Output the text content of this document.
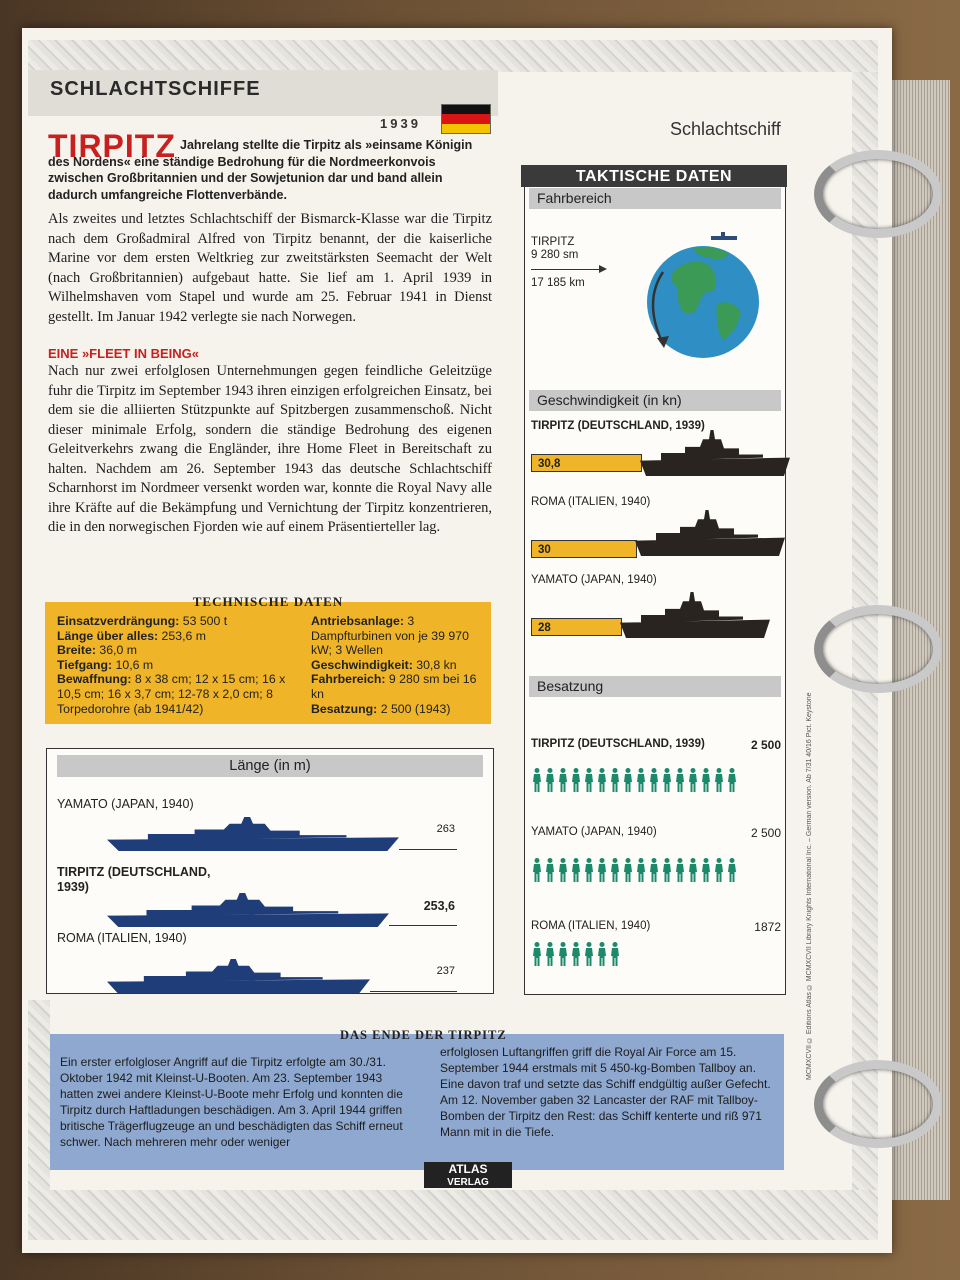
SCHLACHTSCHIFFE
1939	Schlachtschiff
TIRPITZ Jahrelang stellte die Tirpitz als »einsame Königin des Nordens« eine ständige Bedrohung für die Nordmeerkonvois zwischen Großbritannien und der Sowjetunion dar und band allein dadurch umfangreiche Flottenverbände.
Als zweites und letztes Schlachtschiff der Bismarck-Klasse war die Tirpitz nach dem Großadmiral Alfred von Tirpitz benannt, der die kaiserliche Marine vor dem ersten Weltkrieg zur zweitstärksten Seemacht der Welt (nach Großbritannien) aufgebaut hatte. Sie lief am 1. April 1939 in Wilhelmshaven vom Stapel und wurde am 25. Februar 1941 in Dienst gestellt. Im Januar 1942 verlegte sie nach Norwegen.
EINE »FLEET IN BEING«
Nach nur zwei erfolglosen Unternehmungen gegen feindliche Geleitzüge fuhr die Tirpitz im September 1943 ihren einzigen erfolgreichen Einsatz, bei dem sie die alliierten Stützpunkte auf Spitzbergen zusammenschoß. Nicht dieser minimale Erfolg, sondern die ständige Bedrohung des eigenen Geleitverkehrs zwang die Engländer, ihre Home Fleet in Bereitschaft zu halten. Nachdem am 26. September 1943 das deutsche Schlachtschiff Scharnhorst im Nordmeer versenkt worden war, konnte die Royal Navy alle ihre Kräfte auf die Bekämpfung und Vernichtung der Tirpitz konzentrieren, die in den norwegischen Fjorden wie auf einem Präsentierteller lag.
TECHNISCHE DATEN
Einsatzverdrängung: 53 500 t
Länge über alles: 253,6 m
Breite: 36,0 m
Tiefgang: 10,6 m
Bewaffnung: 8 x 38 cm; 12 x 15 cm; 16 x 10,5 cm; 16 x 3,7 cm; 12-78 x 2,0 cm; 8 Torpedorohre (ab 1941/42)
Antriebsanlage: 3 Dampfturbinen von je 39 970 kW; 3 Wellen
Geschwindigkeit: 30,8 kn
Fahrbereich: 9 280 sm bei 16 kn
Besatzung: 2 500 (1943)
Länge (in m)
YAMATO (JAPAN, 1940)
263
TIRPITZ (DEUTSCHLAND, 1939)
253,6
ROMA (ITALIEN, 1940)
237
TAKTISCHE DATEN
Fahrbereich
TIRPITZ
9 280 sm
17 185 km
Geschwindigkeit (in kn)
TIRPITZ (DEUTSCHLAND, 1939)
30,8
ROMA (ITALIEN, 1940)
30
YAMATO (JAPAN, 1940)
28
Besatzung
TIRPITZ (DEUTSCHLAND, 1939)	2 500
YAMATO (JAPAN, 1940)	2 500
ROMA (ITALIEN, 1940)	1872
DAS ENDE DER TIRPITZ
Ein erster erfolgloser Angriff auf die Tirpitz erfolgte am 30./31. Oktober 1942 mit Kleinst-U-Booten. Am 23. September 1943 hatten zwei andere Kleinst-U-Boote mehr Erfolg und konnten die Tirpitz durch Haftladungen beschädigen. Am 3. April 1944 griffen britische Trägerflugzeuge an und beschädigten das Schiff erneut schwer. Nach mehreren mehr oder weniger
erfolglosen Luftangriffen griff die Royal Air Force am 15. September 1944 erstmals mit 5 450-kg-Bomben Tallboy an. Eine davon traf und setzte das Schiff endgültig außer Gefecht. Am 12. November gaben 32 Lancaster der RAF mit Tallboy-Bomben der Tirpitz den Rest: das Schiff kenterte und riß 971 Mann mit in die Tiefe.
MCMXCVII © Editions Atlas © MCMXCVII Library Knights International Inc. – German version. Ab 7/31 40/16 Pict. Keystone
ATLAS
VERLAG
